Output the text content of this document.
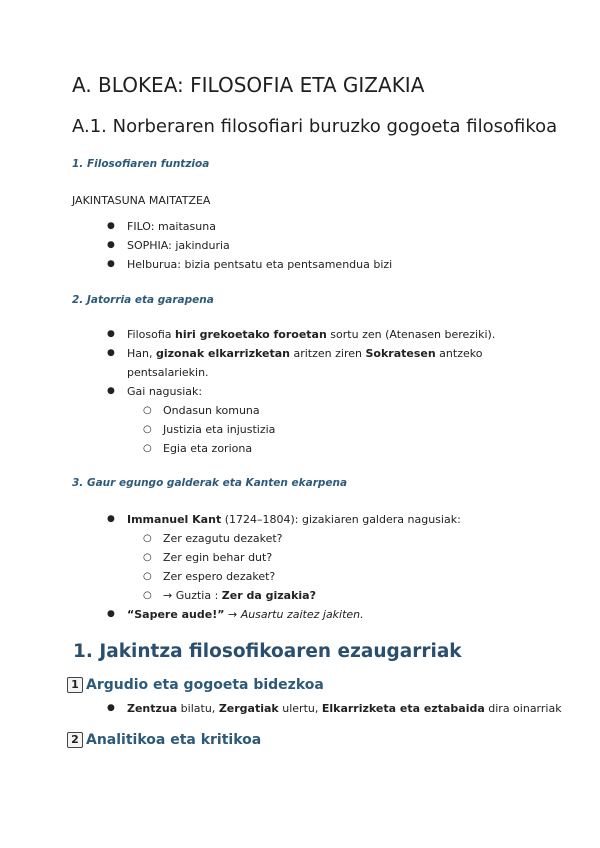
A. BLOKEA: FILOSOFIA ETA GIZAKIA
A.1. Norberaren filosofiari buruzko gogoeta filosofikoa
1. Filosofiaren funtzioa

JAKINTASUNA MAITATZEA

● FILO: maitasuna
● SOPHIA: jakinduria
● Helburua: bizia pentsatu eta pentsamendua bizi
2. Jatorria eta garapena
● Filosofia hiri grekoetako foroetan sortu zen (Atenasen bereziki).
● Han, gizonak elkarrizketan aritzen ziren Sokratesen antzeko pentsalariekin.
● Gai nagusiak:
○ Ondasun komuna
○ Justizia eta injustizia
○ Egia eta zoriona
3. Gaur egungo galderak eta Kanten ekarpena
● Immanuel Kant (1724–1804): gizakiaren galdera nagusiak:
○ Zer ezagutu dezaket?
○ Zer egin behar dut?
○ Zer espero dezaket?
○ → Guztia : Zer da gizakia?
● “Sapere aude!” → Ausartu zaitez jakiten.
1. Jakintza filosofikoaren ezaugarriak
1 Argudio eta gogoeta bidezkoa
● Zentzua bilatu, Zergatiak ulertu, Elkarrizketa eta eztabaida dira oinarriak
2 Analitikoa eta kritikoa
